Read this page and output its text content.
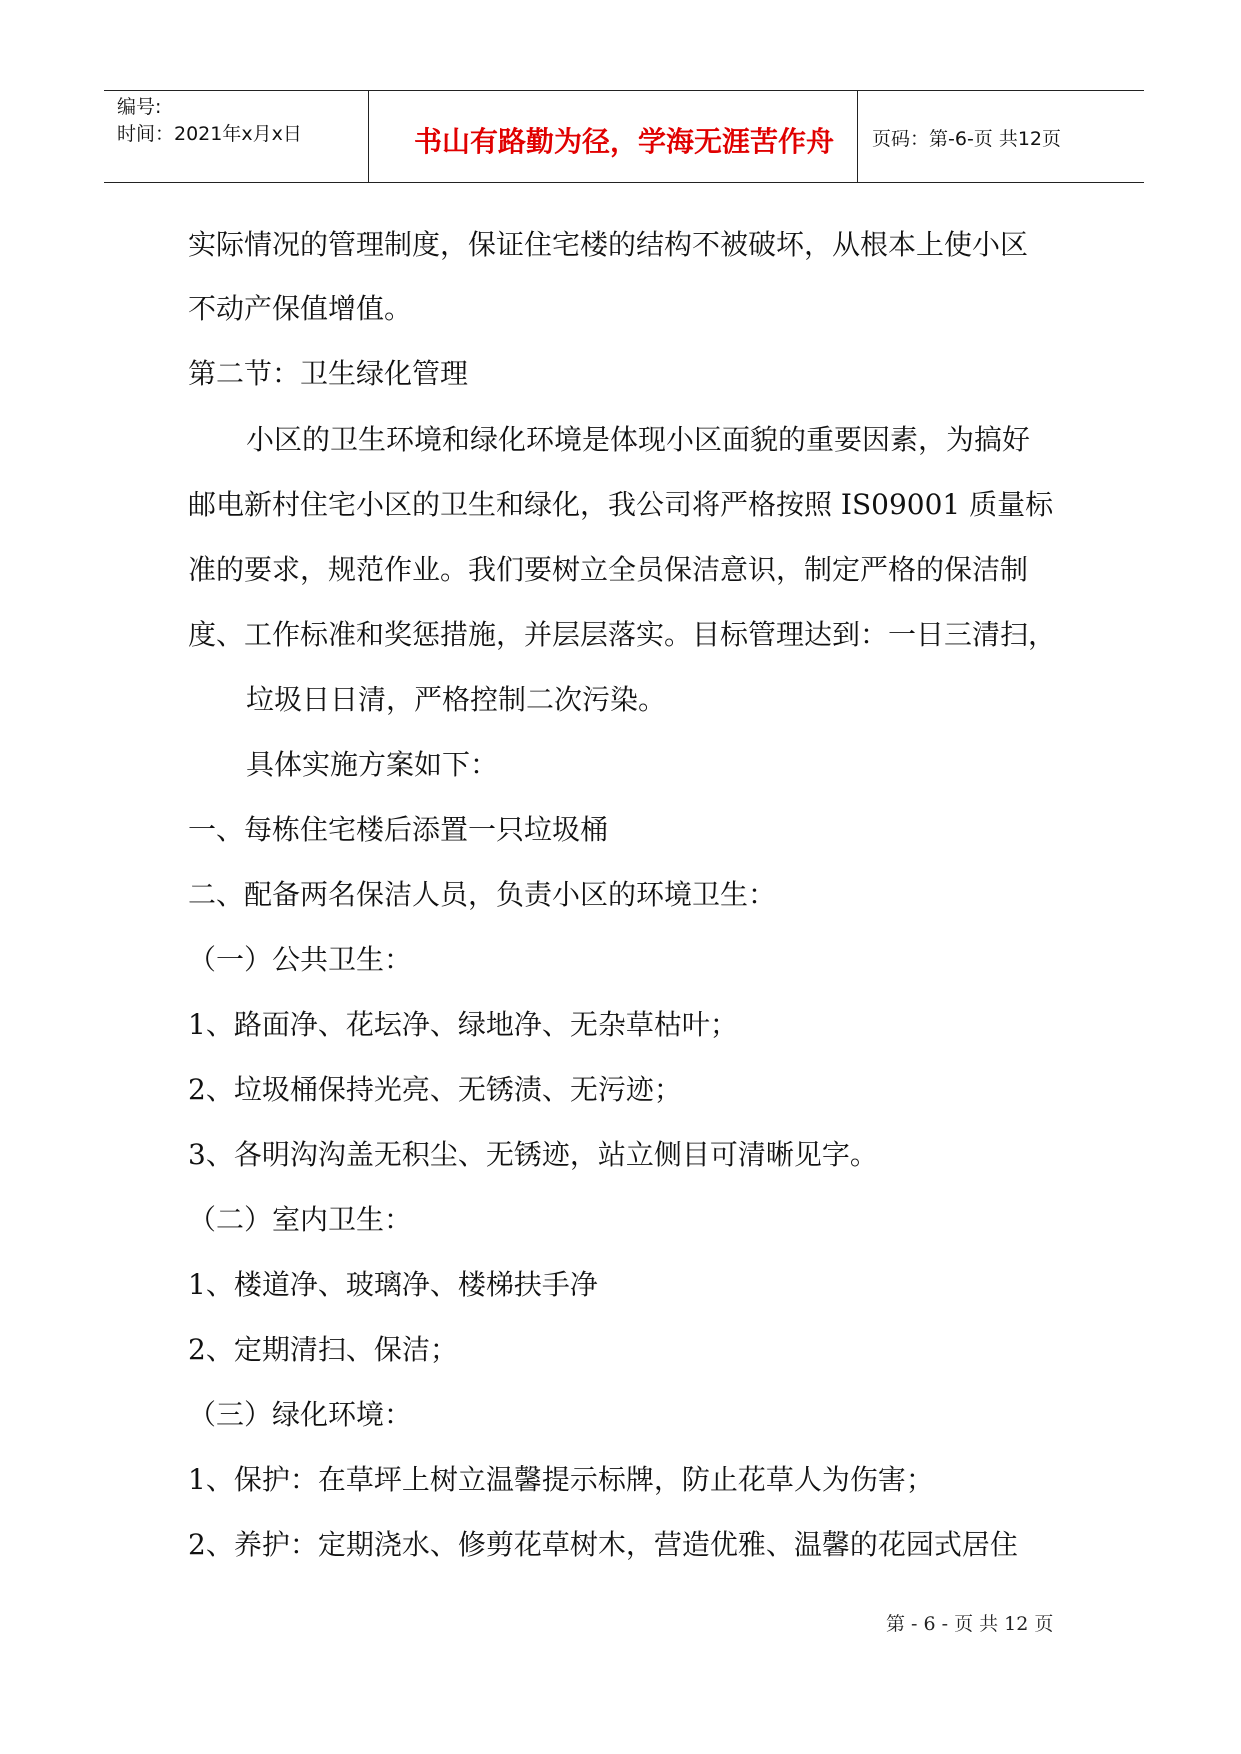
编号:
时间：2021年x月x日	书山有路勤为径，学海无涯苦作舟	页码：第-6-页 共12页
实际情况的管理制度，保证住宅楼的结构不被破坏，从根本上使小区
不动产保值增值。
第二节：卫生绿化管理
小区的卫生环境和绿化环境是体现小区面貌的重要因素，为搞好
邮电新村住宅小区的卫生和绿化，我公司将严格按照 IS09001 质量标
准的要求，规范作业。我们要树立全员保洁意识，制定严格的保洁制
度、工作标准和奖惩措施，并层层落实。目标管理达到：一日三清扫，
垃圾日日清，严格控制二次污染。
具体实施方案如下：
一、每栋住宅楼后添置一只垃圾桶
二、配备两名保洁人员，负责小区的环境卫生：
（一）公共卫生：
1、路面净、花坛净、绿地净、无杂草枯叶；
2、垃圾桶保持光亮、无锈渍、无污迹；
3、各明沟沟盖无积尘、无锈迹，站立侧目可清晰见字。
（二）室内卫生：
1、楼道净、玻璃净、楼梯扶手净
2、定期清扫、保洁；
（三）绿化环境：
1、保护：在草坪上树立温馨提示标牌，防止花草人为伤害；
2、养护：定期浇水、修剪花草树木，营造优雅、温馨的花园式居住
第 - 6 - 页 共 12 页
